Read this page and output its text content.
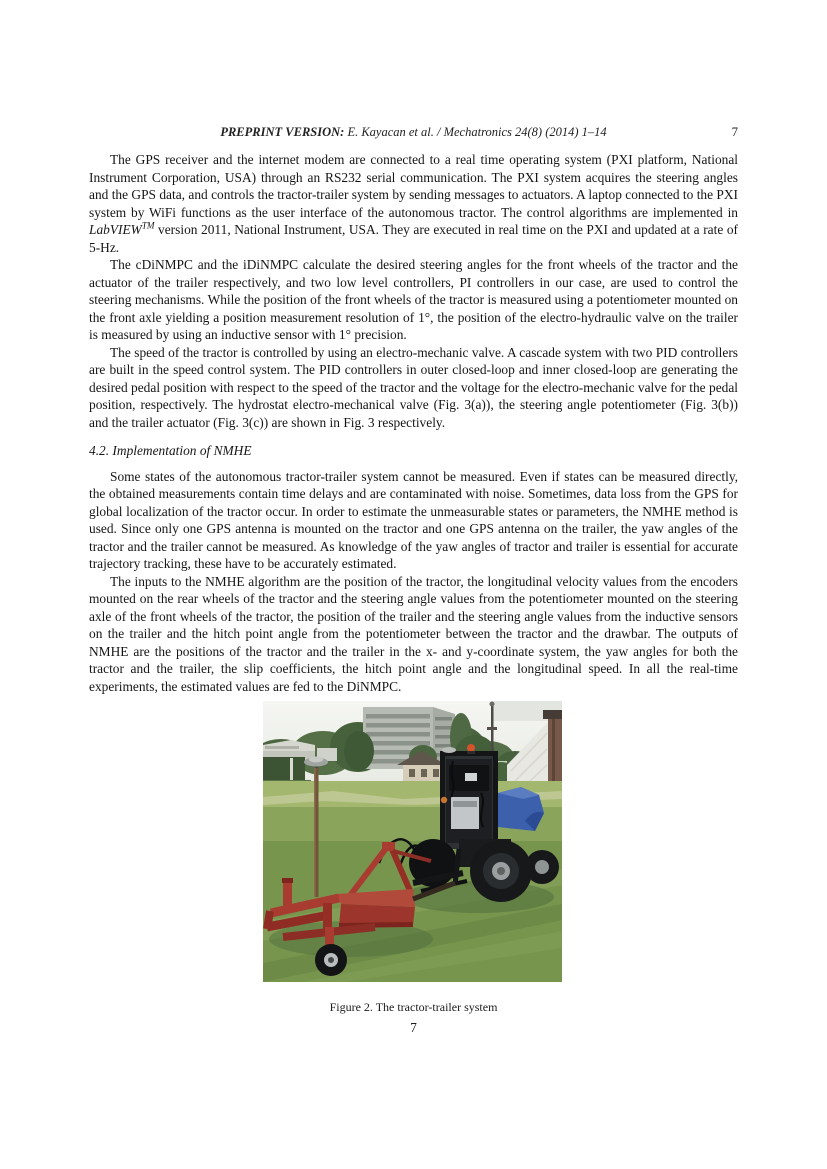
PREPRINT VERSION: E. Kayacan et al. / Mechatronics 24(8) (2014) 1–14	7

The GPS receiver and the internet modem are connected to a real time operating system (PXI platform, National Instrument Corporation, USA) through an RS232 serial communication. The PXI system acquires the steering angles and the GPS data, and controls the tractor-trailer system by sending messages to actuators. A laptop connected to the PXI system by WiFi functions as the user interface of the autonomous tractor. The control algorithms are implemented in LabVIEW™ version 2011, National Instrument, USA. They are executed in real time on the PXI and updated at a rate of 5-Hz.

The cDiNMPC and the iDiNMPC calculate the desired steering angles for the front wheels of the tractor and the actuator of the trailer respectively, and two low level controllers, PI controllers in our case, are used to control the steering mechanisms. While the position of the front wheels of the tractor is measured using a potentiometer mounted on the front axle yielding a position measurement resolution of 1°, the position of the electro-hydraulic valve on the trailer is measured by using an inductive sensor with 1° precision.

The speed of the tractor is controlled by using an electro-mechanic valve. A cascade system with two PID controllers are built in the speed control system. The PID controllers in outer closed-loop and inner closed-loop are generating the desired pedal position with respect to the speed of the tractor and the voltage for the electro-mechanic valve for the pedal position, respectively. The hydrostat electro-mechanical valve (Fig. 3(a)), the steering angle potentiometer (Fig. 3(b)) and the trailer actuator (Fig. 3(c)) are shown in Fig. 3 respectively.

4.2. Implementation of NMHE

Some states of the autonomous tractor-trailer system cannot be measured. Even if states can be measured directly, the obtained measurements contain time delays and are contaminated with noise. Sometimes, data loss from the GPS for global localization of the tractor occur. In order to estimate the unmeasurable states or parameters, the NMHE method is used. Since only one GPS antenna is mounted on the tractor and one GPS antenna on the trailer, the yaw angles of the tractor and the trailer cannot be measured. As knowledge of the yaw angles of tractor and trailer is essential for accurate trajectory tracking, these have to be accurately estimated.

The inputs to the NMHE algorithm are the position of the tractor, the longitudinal velocity values from the encoders mounted on the rear wheels of the tractor and the steering angle values from the potentiometer mounted on the steering axle of the front wheels of the tractor, the position of the trailer and the steering angle values from the inductive sensors on the trailer and the hitch point angle from the potentiometer between the tractor and the drawbar. The outputs of NMHE are the positions of the tractor and the trailer in the x- and y-coordinate system, the yaw angles for both the tractor and the trailer, the slip coefficients, the hitch point angle and the longitudinal speed. In all the real-time experiments, the estimated values are fed to the DiNMPC.

Figure 2. The tractor-trailer system
7
